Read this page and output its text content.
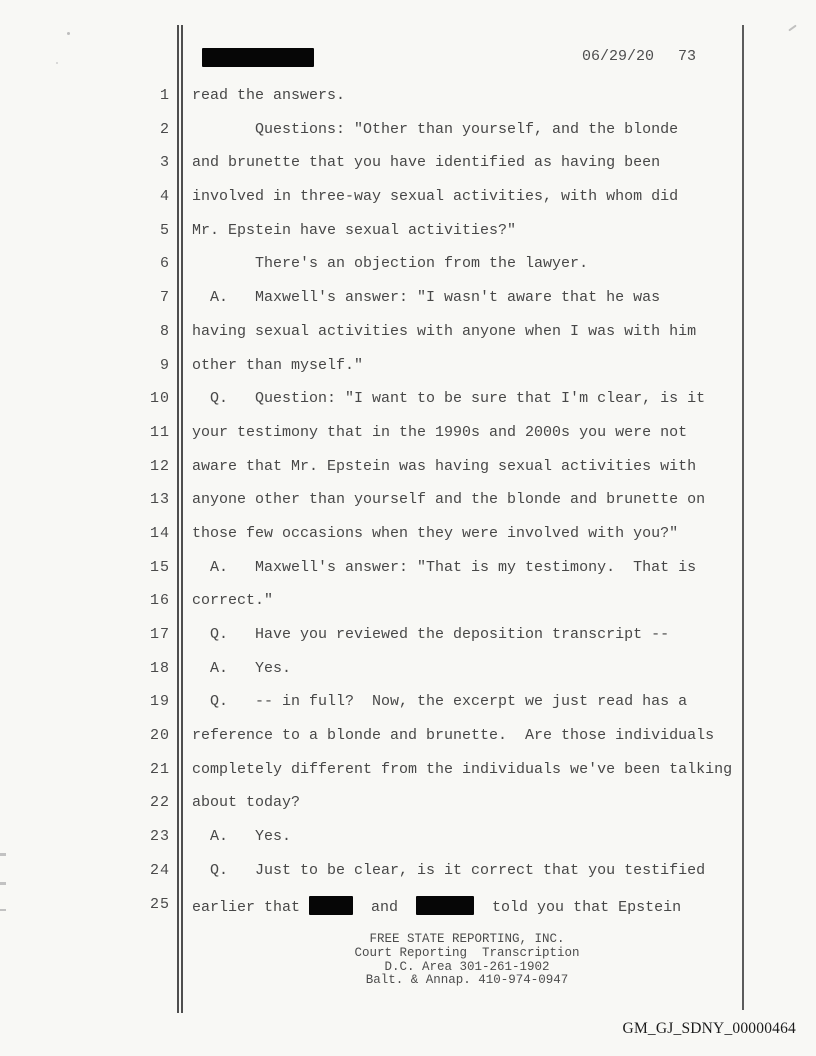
06/29/20 73
1 read the answers.
2 Questions: "Other than yourself, and the blonde
3 and brunette that you have identified as having been
4 involved in three-way sexual activities, with whom did
5 Mr. Epstein have sexual activities?"
6 There's an objection from the lawyer.
7 A.   Maxwell's answer: "I wasn't aware that he was
8 having sexual activities with anyone when I was with him
9 other than myself."
10 Q.   Question: "I want to be sure that I'm clear, is it
11 your testimony that in the 1990s and 2000s you were not
12 aware that Mr. Epstein was having sexual activities with
13 anyone other than yourself and the blonde and brunette on
14 those few occasions when they were involved with you?"
15 A.   Maxwell's answer: "That is my testimony.  That is
16 correct."
17 Q.   Have you reviewed the deposition transcript --
18 A.   Yes.
19 Q.   -- in full?  Now, the excerpt we just read has a
20 reference to a blonde and brunette.  Are those individuals
21 completely different from the individuals we've been talking
22 about today?
23 A.   Yes.
24 Q.   Just to be clear, is it correct that you testified
25 earlier that	and	told you that Epstein
FREE STATE REPORTING, INC.
Court Reporting  Transcription
D.C. Area 301-261-1902
Balt. & Annap. 410-974-0947
GM_GJ_SDNY_00000464
